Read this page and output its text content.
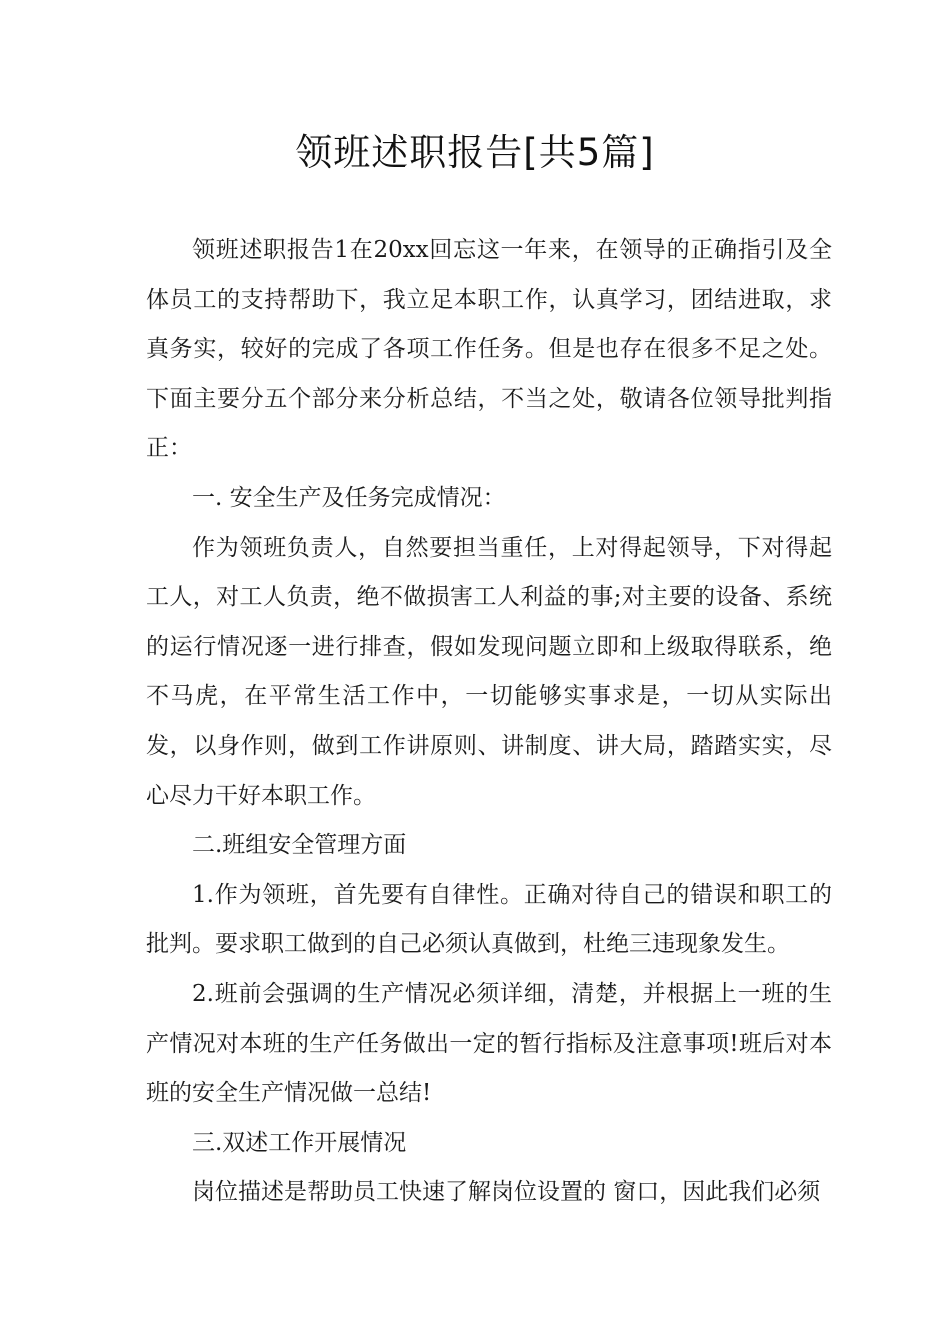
领班述职报告[共5篇]

领班述职报告1在20xx回忘这一年来，在领导的正确指引及全体员工的支持帮助下，我立足本职工作，认真学习，团结进取，求真务实，较好的完成了各项工作任务。但是也存在很多不足之处。下面主要分五个部分来分析总结，不当之处，敬请各位领导批判指正：

一. 安全生产及任务完成情况：

作为领班负责人，自然要担当重任，上对得起领导，下对得起工人，对工人负责，绝不做损害工人利益的事;对主要的设备、系统的运行情况逐一进行排查，假如发现问题立即和上级取得联系，绝不马虎，在平常生活工作中，一切能够实事求是，一切从实际出发，以身作则，做到工作讲原则、讲制度、讲大局，踏踏实实，尽心尽力干好本职工作。

二.班组安全管理方面

1.作为领班，首先要有自律性。正确对待自己的错误和职工的批判。要求职工做到的自己必须认真做到，杜绝三违现象发生。

2.班前会强调的生产情况必须详细，清楚，并根据上一班的生产情况对本班的生产任务做出一定的暂行指标及注意事项!班后对本班的安全生产情况做一总结!

三.双述工作开展情况

岗位描述是帮助员工快速了解岗位设置的 窗口，因此我们必须
